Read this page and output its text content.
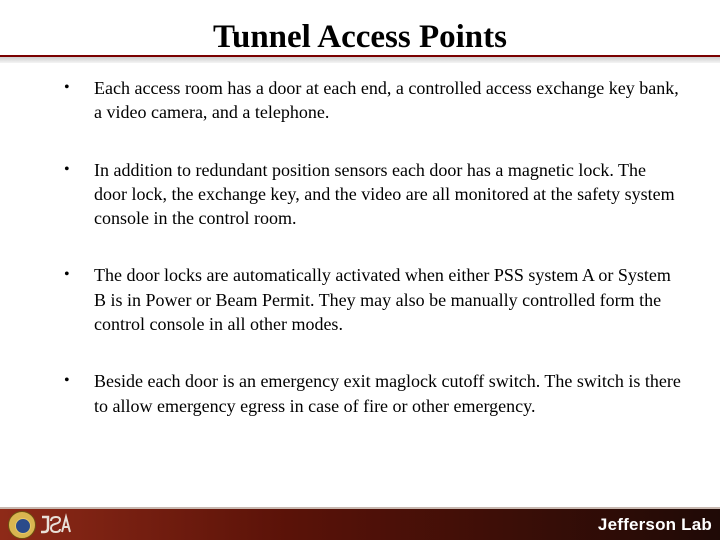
Tunnel Access Points
• Each access room has a door at each end, a controlled access exchange key bank, a video camera, and a telephone.
• In addition to redundant position sensors each door has a magnetic lock. The door lock, the exchange key, and the video are all monitored at the safety system console in the control room.
• The door locks are automatically activated when either PSS system A or System B is in Power or Beam Permit. They may also be manually controlled form the control console in all other modes.
• Beside each door is an emergency exit maglock cutoff switch. The switch is there to allow emergency egress in case of fire or other emergency.
Jefferson Lab
